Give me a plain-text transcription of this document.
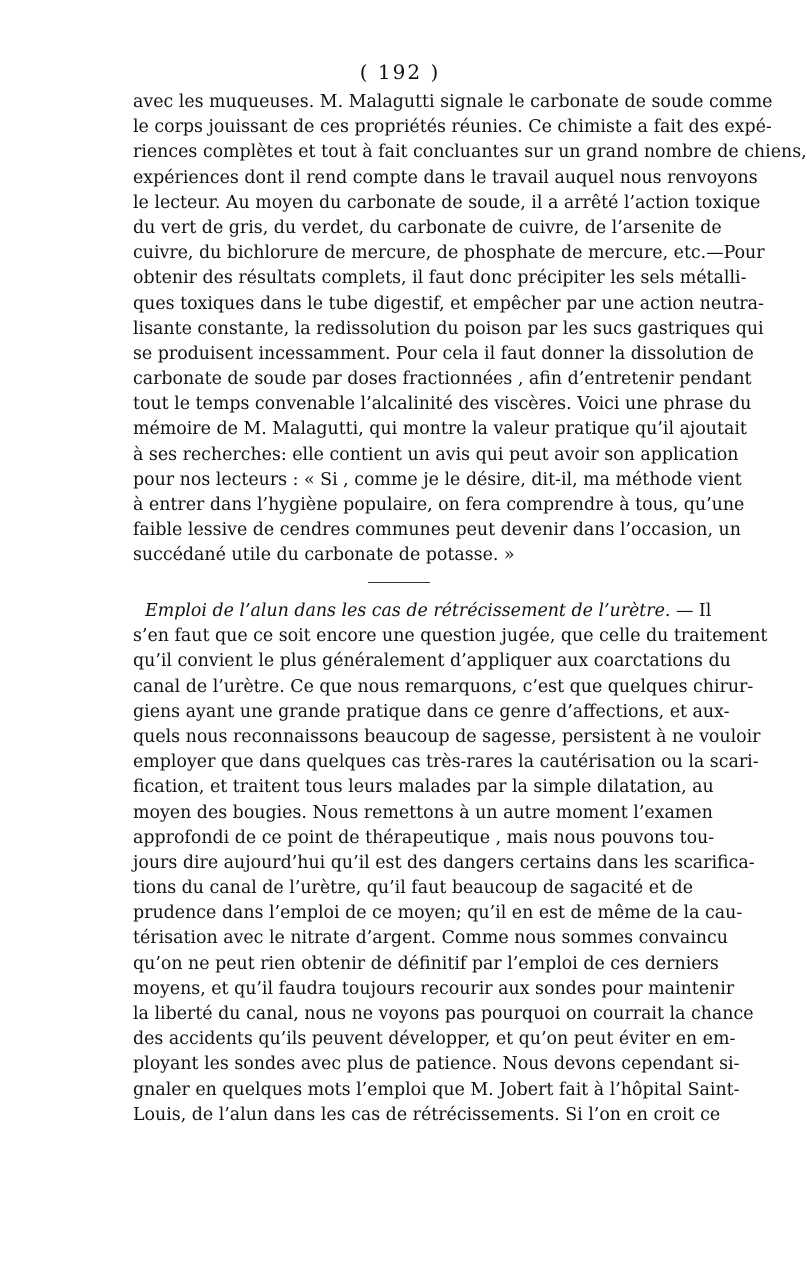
( 192 )
avec les muqueuses. M. Malagutti signale le carbonate de soude comme
le corps jouissant de ces propriétés réunies. Ce chimiste a fait des expé-
riences complètes et tout à fait concluantes sur un grand nombre de chiens,
expériences dont il rend compte dans le travail auquel nous renvoyons
le lecteur. Au moyen du carbonate de soude, il a arrêté l’action toxique
du vert de gris, du verdet, du carbonate de cuivre, de l’arsenite de
cuivre, du bichlorure de mercure, de phosphate de mercure, etc.—Pour
obtenir des résultats complets, il faut donc précipiter les sels métalli-
ques toxiques dans le tube digestif, et empêcher par une action neutra-
lisante constante, la redissolution du poison par les sucs gastriques qui
se produisent incessamment. Pour cela il faut donner la dissolution de
carbonate de soude par doses fractionnées , afin d’entretenir pendant
tout le temps convenable l’alcalinité des viscères. Voici une phrase du
mémoire de M. Malagutti, qui montre la valeur pratique qu’il ajoutait
à ses recherches: elle contient un avis qui peut avoir son application
pour nos lecteurs : « Si , comme je le désire, dit-il, ma méthode vient
à entrer dans l’hygiène populaire, on fera comprendre à tous, qu’une
faible lessive de cendres communes peut devenir dans l’occasion, un
succédané utile du carbonate de potasse. »
Emploi de l’alun dans les cas de rétrécissement de l’urètre. — Il
s’en faut que ce soit encore une question jugée, que celle du traitement
qu’il convient le plus généralement d’appliquer aux coarctations du
canal de l’urètre. Ce que nous remarquons, c’est que quelques chirur-
giens ayant une grande pratique dans ce genre d’affections, et aux-
quels nous reconnaissons beaucoup de sagesse, persistent à ne vouloir
employer que dans quelques cas très-rares la cautérisation ou la scari-
fication, et traitent tous leurs malades par la simple dilatation, au
moyen des bougies. Nous remettons à un autre moment l’examen
approfondi de ce point de thérapeutique , mais nous pouvons tou-
jours dire aujourd’hui qu’il est des dangers certains dans les scarifica-
tions du canal de l’urètre, qu’il faut beaucoup de sagacité et de
prudence dans l’emploi de ce moyen; qu’il en est de même de la cau-
térisation avec le nitrate d’argent. Comme nous sommes convaincu
qu’on ne peut rien obtenir de définitif par l’emploi de ces derniers
moyens, et qu’il faudra toujours recourir aux sondes pour maintenir
la liberté du canal, nous ne voyons pas pourquoi on courrait la chance
des accidents qu’ils peuvent développer, et qu’on peut éviter en em-
ployant les sondes avec plus de patience. Nous devons cependant si-
gnaler en quelques mots l’emploi que M. Jobert fait à l’hôpital Saint-
Louis, de l’alun dans les cas de rétrécissements. Si l’on en croit ce
